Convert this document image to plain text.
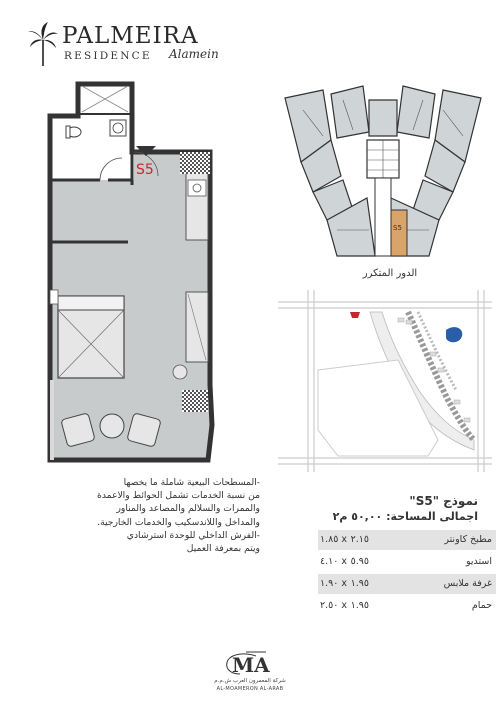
PALMEIRA
RESIDENCE Alamein
S5
S5
الدور المتكرر

-المسطحات البيعية شاملة ما يخصها

من نسبة الخدمات تشمل الحوائط والاعمدة

والممرات والسلالم والمصاعد والمناور

والمداخل واللاندسكيب والخدمات الخارجية.

-الفرش الداخلي للوحدة استرشادي

ويتم بمعرفة العميل

نموذج "S5"
اجمالى المساحة: ٥٠,٠٠ م٢
مطبخ كاونتر
١.٨٥ x ٢.١٥
استديو
٤.١٠ x ٥.٩٥
غرفة ملابس
١.٩٠ x ١.٩٥
حمام
٢.٥٠ x ١.٩٥
MA
شركة المعمرون العرب ش.م.م
AL-MOAMERON AL-ARAB
